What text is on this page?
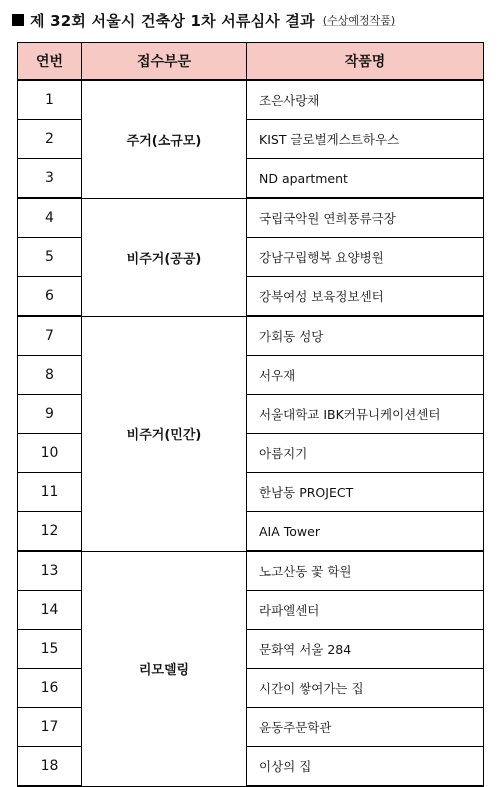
제 32회 서울시 건축상 1차 서류심사 결과 (수상예정작품)
연번	접수부문	작품명
1	주거(소규모)	조은사랑채
2		KIST 글로벌게스트하우스
3		ND apartment
4	비주거(공공)	국립국악원 연희풍류극장
5		강남구립행복 요양병원
6		강북여성 보육정보센터
7	비주거(민간)	가회동 성당
8		서우재
9		서울대학교 IBK커뮤니케이션센터
10		아름지기
11		한남동 PROJECT
12		AIA Tower
13	리모델링	노고산동 꽃 학원
14		라파엘센터
15		문화역 서울 284
16		시간이 쌓여가는 집
17		윤동주문학관
18		이상의 집
